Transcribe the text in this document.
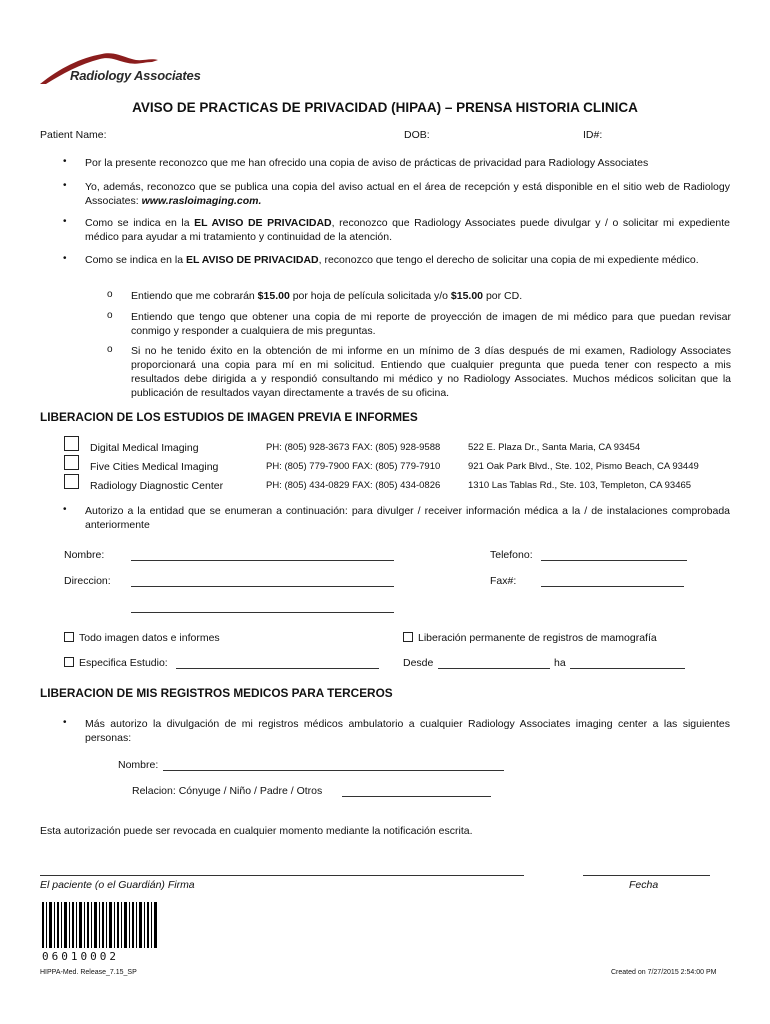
Radiology Associates
AVISO DE PRACTICAS DE PRIVACIDAD (HIPAA) – PRENSA HISTORIA CLINICA
Patient Name:	DOB:	ID#:
• Por la presente reconozco que me han ofrecido una copia de aviso de prácticas de privacidad para Radiology Associates
• Yo, además, reconozco que se publica una copia del aviso actual en el área de recepción y está disponible en el sitio web de Radiology Associates: www.rasloimaging.com.
• Como se indica en la EL AVISO DE PRIVACIDAD, reconozco que Radiology Associates puede divulgar y / o solicitar mi expediente médico para ayudar a mi tratamiento y continuidad de la atención.
• Como se indica en la EL AVISO DE PRIVACIDAD, reconozco que tengo el derecho de solicitar una copia de mi expediente médico.
o Entiendo que me cobrarán $15.00 por hoja de película solicitada y/o $15.00 por CD.
o Entiendo que tengo que obtener una copia de mi reporte de proyección de imagen de mi médico para que puedan revisar conmigo y responder a cualquiera de mis preguntas.
o Si no he tenido éxito en la obtención de mi informe en un mínimo de 3 días después de mi examen, Radiology Associates proporcionará una copia para mí en mi solicitud. Entiendo que cualquier pregunta que pueda tener con respecto a mis resultados debe dirigida a y respondió consultando mi médico y no Radiology Associates. Muchos médicos solicitan que la publicación de resultados vayan directamente a través de su oficina.
LIBERACION DE LOS ESTUDIOS DE IMAGEN PREVIA E INFORMES
Digital Medical Imaging	PH: (805) 928-3673 FAX: (805) 928-9588	522 E. Plaza Dr., Santa Maria, CA 93454
Five Cities Medical Imaging	PH: (805) 779-7900 FAX: (805) 779-7910	921 Oak Park Blvd., Ste. 102, Pismo Beach, CA 93449
Radiology Diagnostic Center	PH: (805) 434-0829 FAX: (805) 434-0826	1310 Las Tablas Rd., Ste. 103, Templeton, CA 93465
• Autorizo a la entidad que se enumeran a continuación: para divulger / receiver información médica a la / de instalaciones comprobada anteriormente
Nombre:	Telefono:
Direccion:	Fax#:
Todo imagen datos e informes	Liberación permanente de registros de mamografía
Especifica Estudio:	Desde	ha
LIBERACION DE MIS REGISTROS MEDICOS PARA TERCEROS
• Más autorizo la divulgación de mi registros médicos ambulatorio a cualquier Radiology Associates imaging center a las siguientes personas:
Nombre:
Relacion: Cónyuge / Niño / Padre / Otros
Esta autorización puede ser revocada en cualquier momento mediante la notificación escrita.
El paciente (o el Guardián) Firma	Fecha
06010002
HIPPA-Med. Release_7.15_SP	Created on 7/27/2015 2:54:00 PM
